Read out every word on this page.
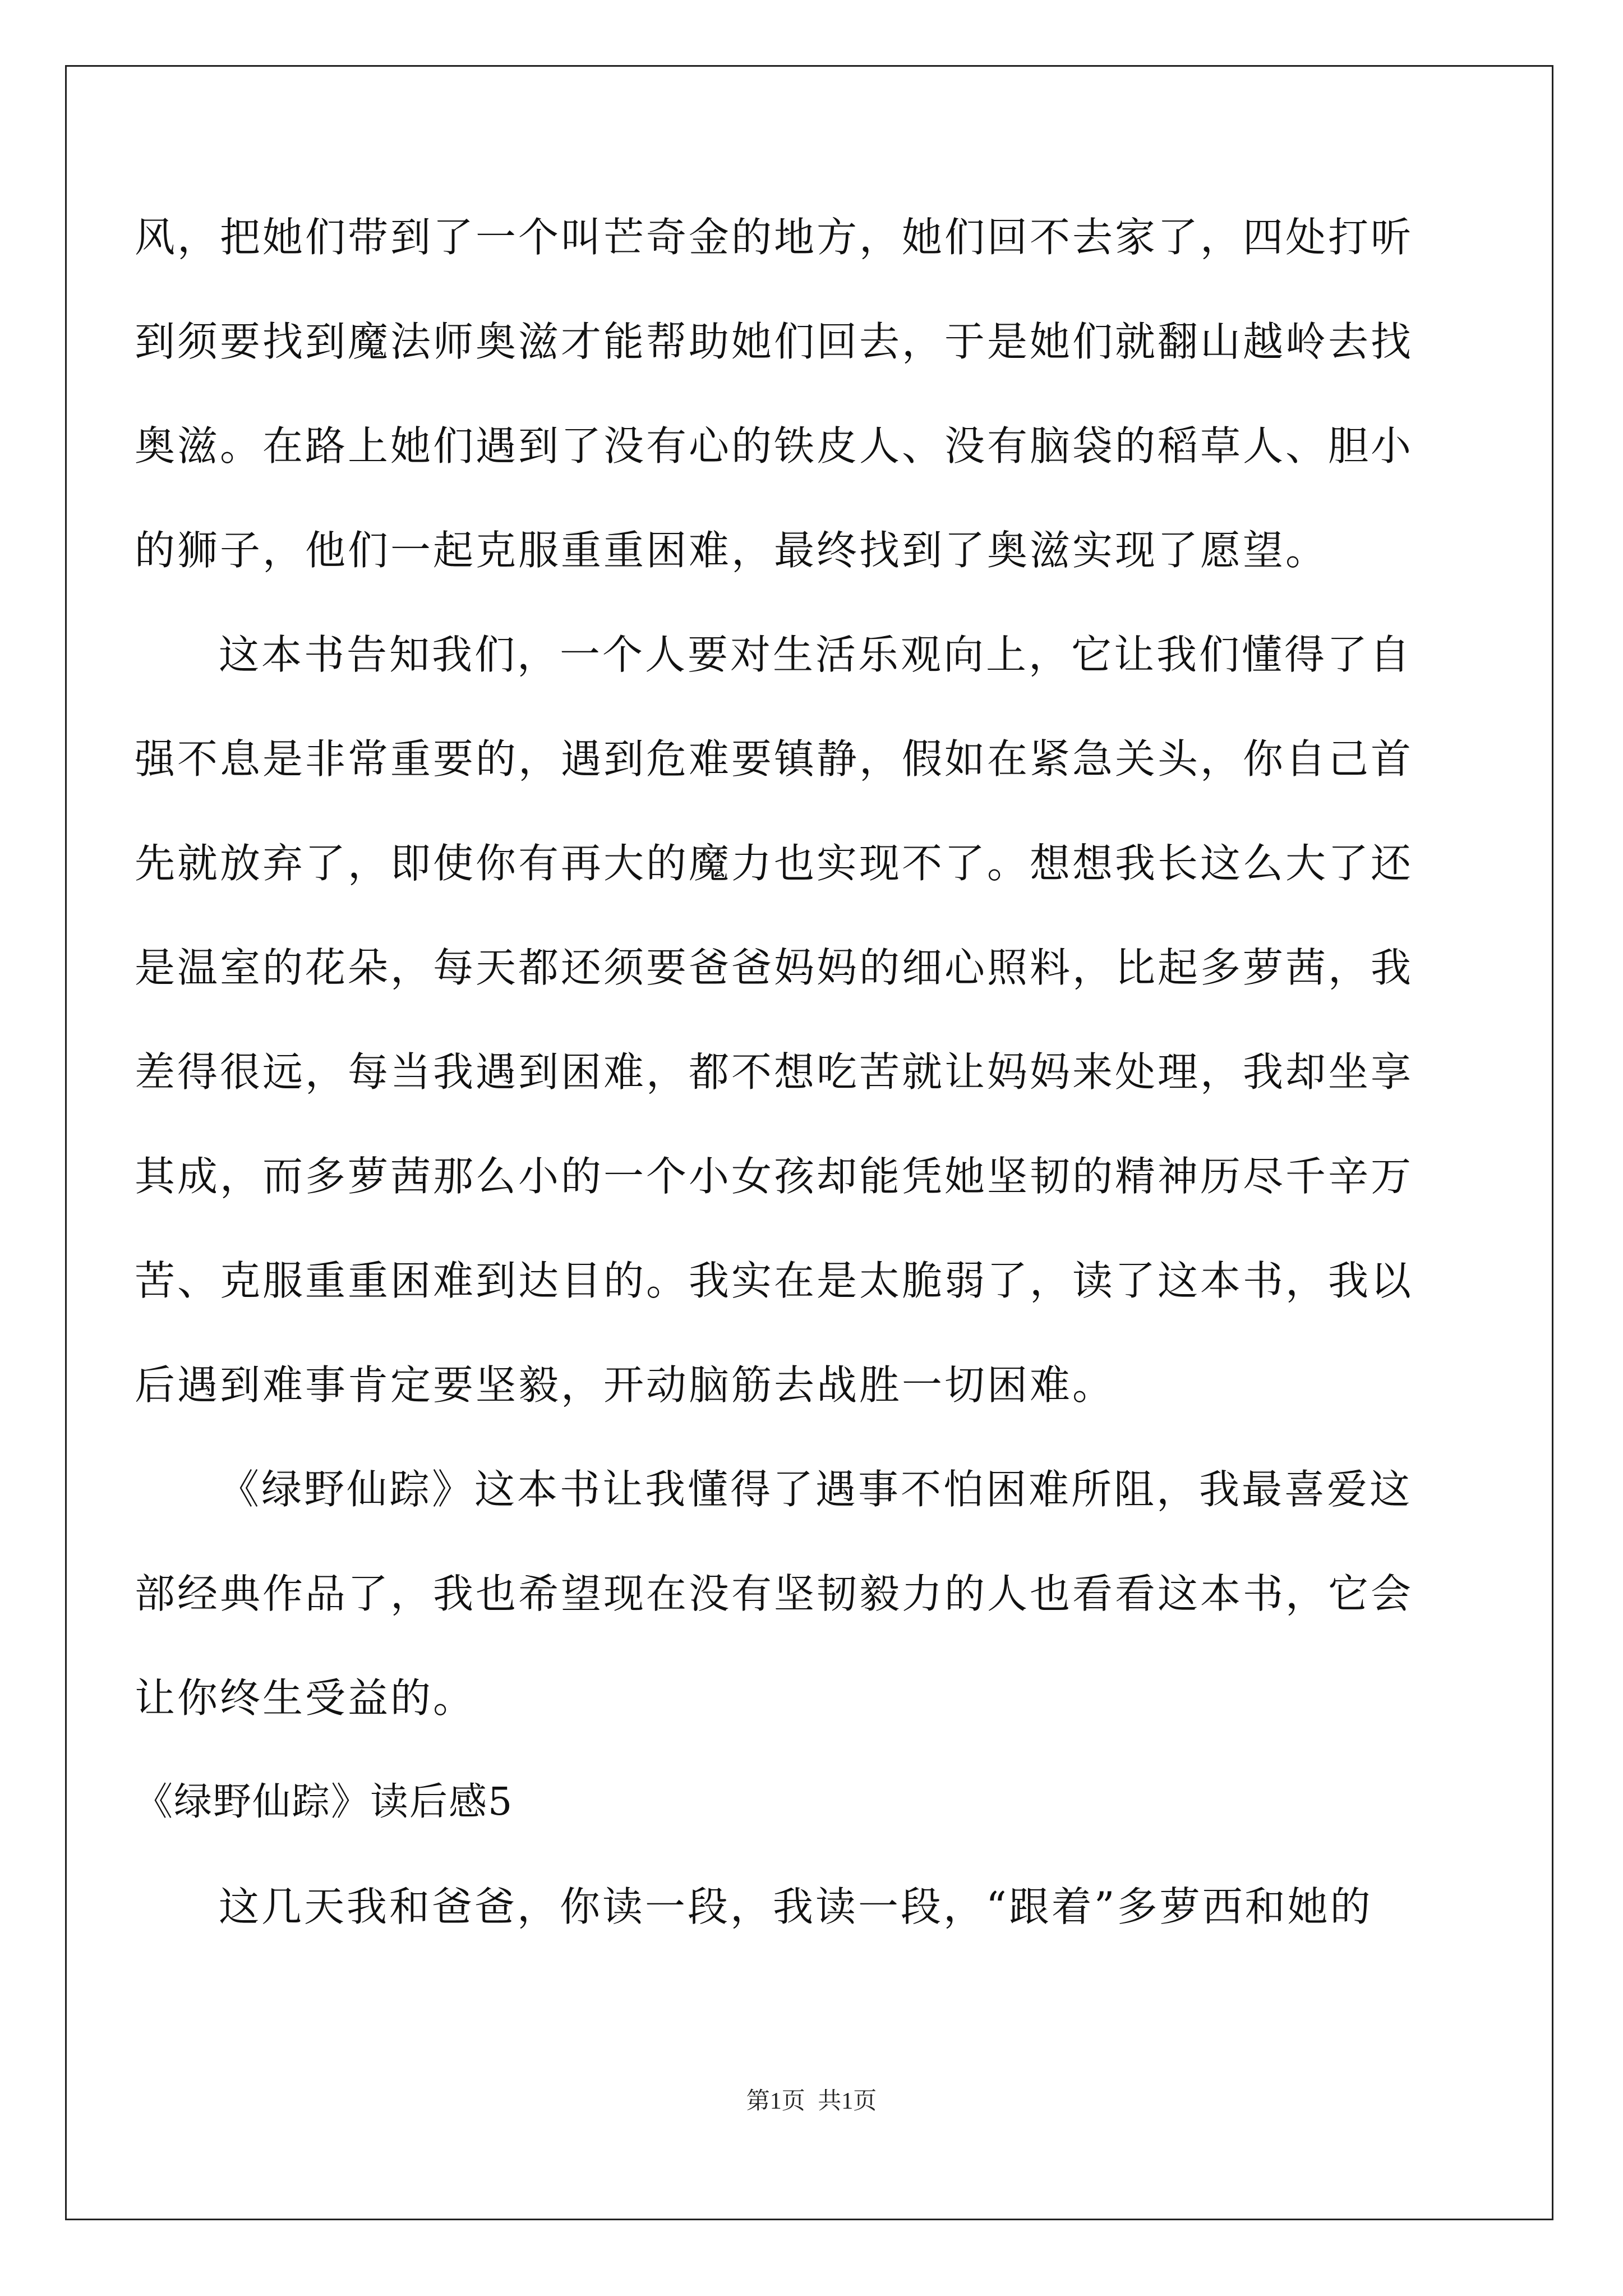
风，把她们带到了一个叫芒奇金的地方，她们回不去家了，四处打听
到须要找到魔法师奥滋才能帮助她们回去，于是她们就翻山越岭去找
奥滋。在路上她们遇到了没有心的铁皮人、没有脑袋的稻草人、胆小
的狮子，他们一起克服重重困难，最终找到了奥滋实现了愿望。
这本书告知我们，一个人要对生活乐观向上，它让我们懂得了自
强不息是非常重要的，遇到危难要镇静，假如在紧急关头，你自己首
先就放弃了，即使你有再大的魔力也实现不了。想想我长这么大了还
是温室的花朵，每天都还须要爸爸妈妈的细心照料，比起多萝茜，我
差得很远，每当我遇到困难，都不想吃苦就让妈妈来处理，我却坐享
其成，而多萝茜那么小的一个小女孩却能凭她坚韧的精神历尽千辛万
苦、克服重重困难到达目的。我实在是太脆弱了，读了这本书，我以
后遇到难事肯定要坚毅，开动脑筋去战胜一切困难。
《绿野仙踪》这本书让我懂得了遇事不怕困难所阻，我最喜爱这
部经典作品了，我也希望现在没有坚韧毅力的人也看看这本书，它会
让你终生受益的。
《绿野仙踪》读后感5
这几天我和爸爸，你读一段，我读一段，“跟着”多萝西和她的
第1页 共1页
